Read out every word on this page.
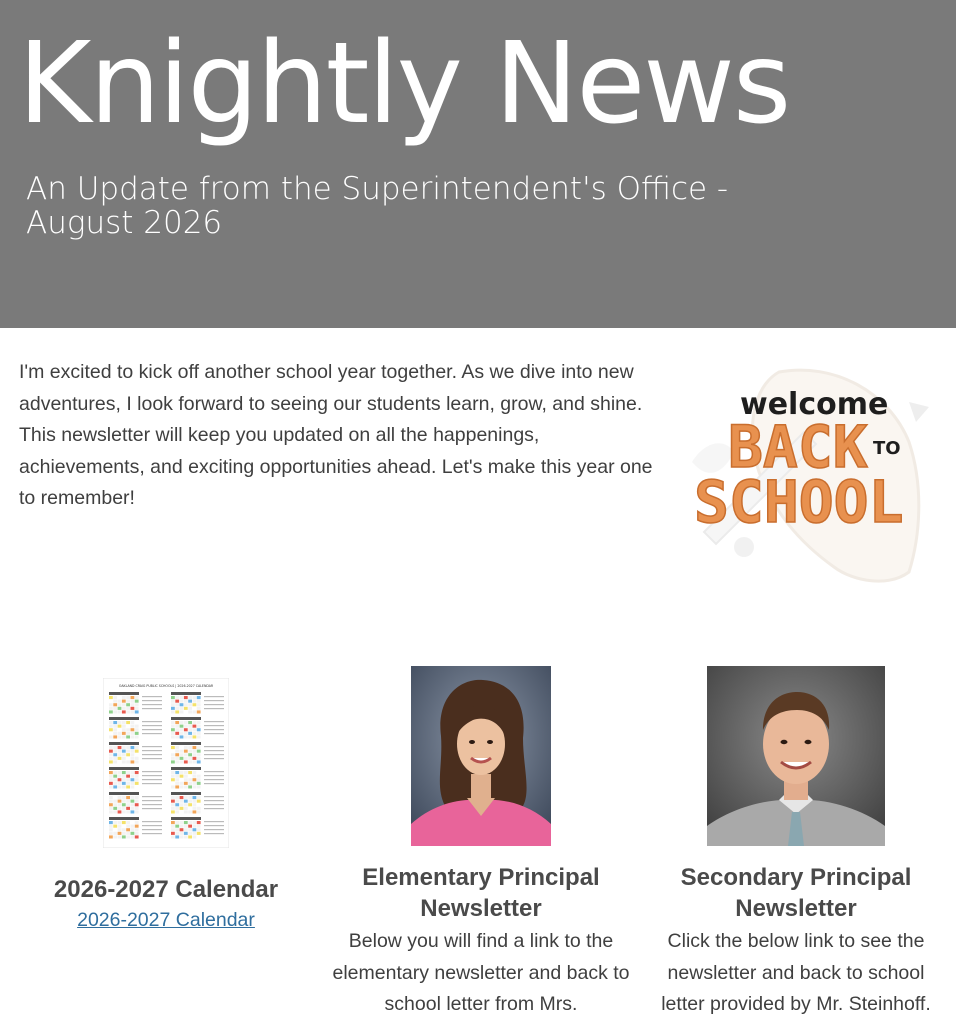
Knightly News
An Update from the Superintendent's Office - August 2026
I'm excited to kick off another school year together. As we dive into new adventures, I look forward to seeing our students learn, grow, and shine. This newsletter will keep you updated on all the happenings, achievements, and exciting opportunities ahead. Let's make this year one to remember!
welcome
BACK TO
SCHOOL
OAKLAND CRAIG PUBLIC SCHOOLS | 2026-2027 CALENDAR
2026-2027 Calendar
2026-2027 Calendar
Elementary Principal Newsletter
Below you will find a link to the elementary newsletter and back to school letter from Mrs.
Secondary Principal Newsletter
Click the below link to see the newsletter and back to school letter provided by Mr. Steinhoff.
